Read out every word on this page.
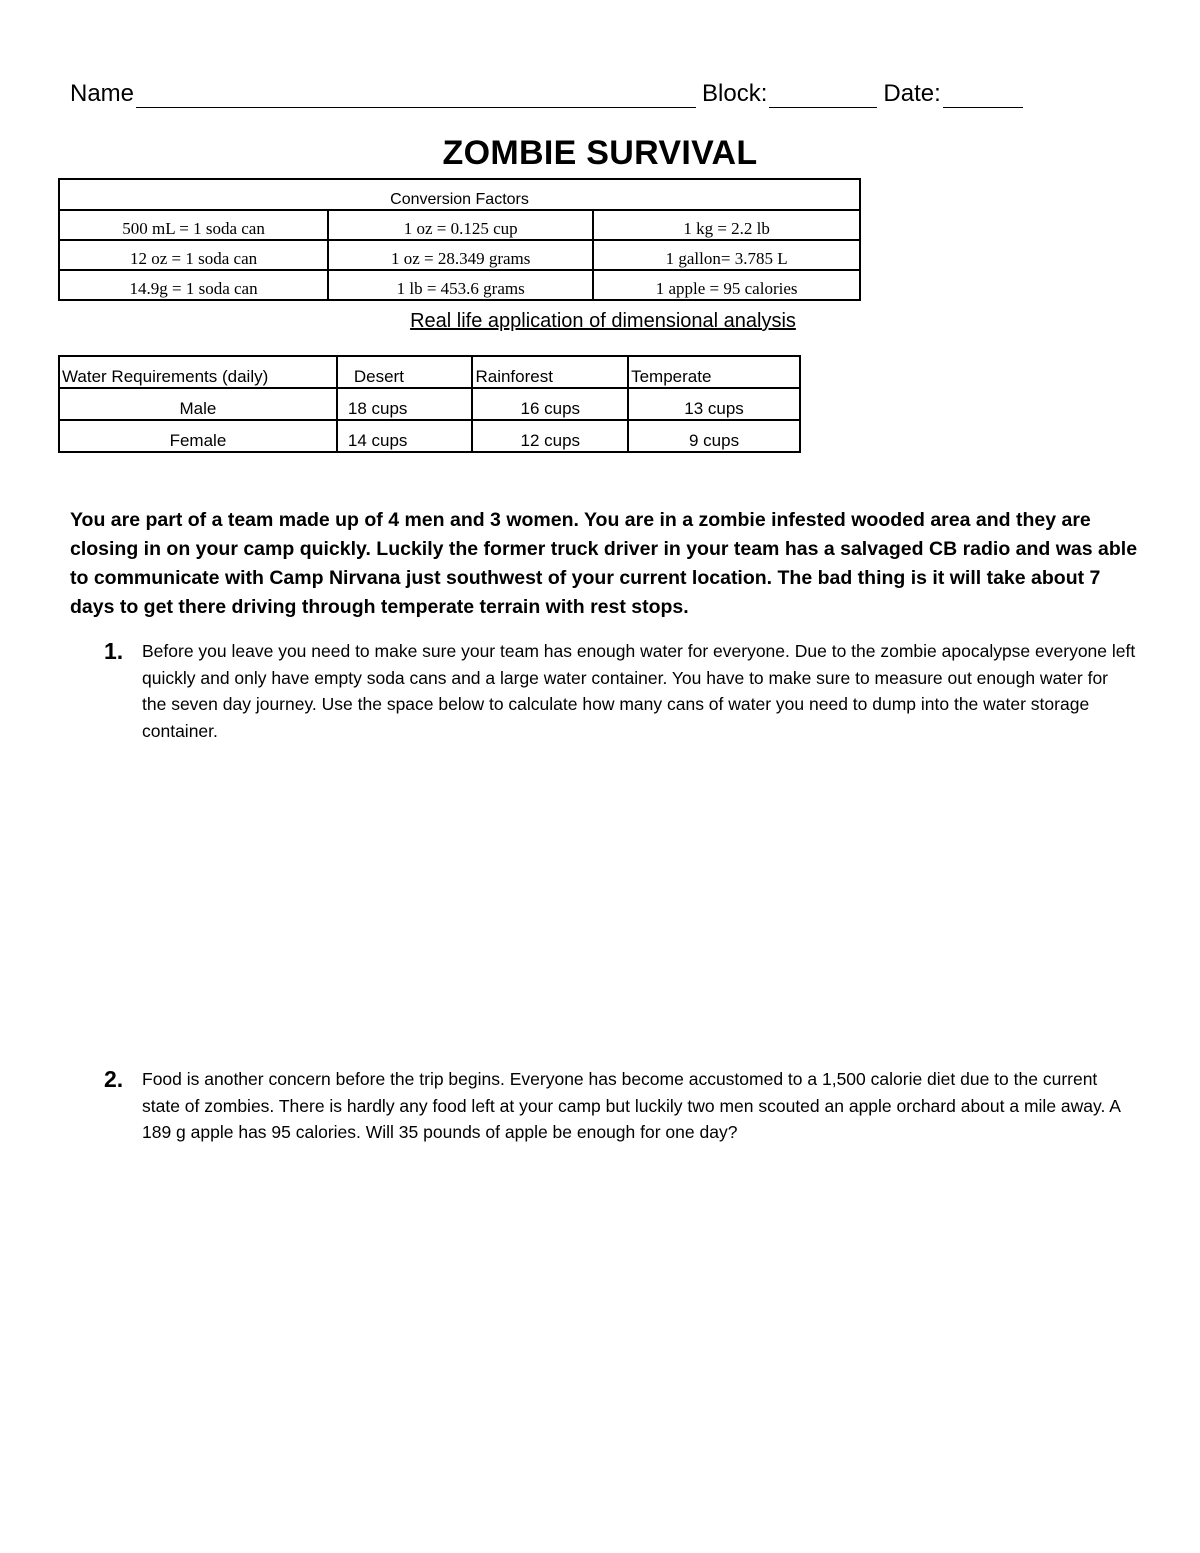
Name	Block:	Date:
ZOMBIE SURVIVAL
Conversion Factors		
500 mL = 1 soda can	1 oz = 0.125 cup	1 kg = 2.2 lb
12 oz = 1 soda can	1 oz = 28.349 grams	1 gallon= 3.785 L
14.9g = 1 soda can	1 lb = 453.6 grams	1 apple = 95 calories
Real life application of dimensional analysis
Water Requirements (daily)	Desert	Rainforest	Temperate
Male	18 cups	16 cups	13 cups
Female	14 cups	12 cups	9 cups
You are part of a team made up of 4 men and 3 women. You are in a zombie infested wooded area and they are closing in on your camp quickly. Luckily the former truck driver in your team has a salvaged CB radio and was able to communicate with Camp Nirvana just southwest of your current location. The bad thing is it will take about 7 days to get there driving through temperate terrain with rest stops.
1.	Before you leave you need to make sure your team has enough water for everyone. Due to the zombie apocalypse everyone left quickly and only have empty soda cans and a large water container. You have to make sure to measure out enough water for the seven day journey. Use the space below to calculate how many cans of water you need to dump into the water storage container.
2.	Food is another concern before the trip begins. Everyone has become accustomed to a 1,500 calorie diet due to the current state of zombies. There is hardly any food left at your camp but luckily two men scouted an apple orchard about a mile away. A 189 g apple has 95 calories. Will 35 pounds of apple be enough for one day?
